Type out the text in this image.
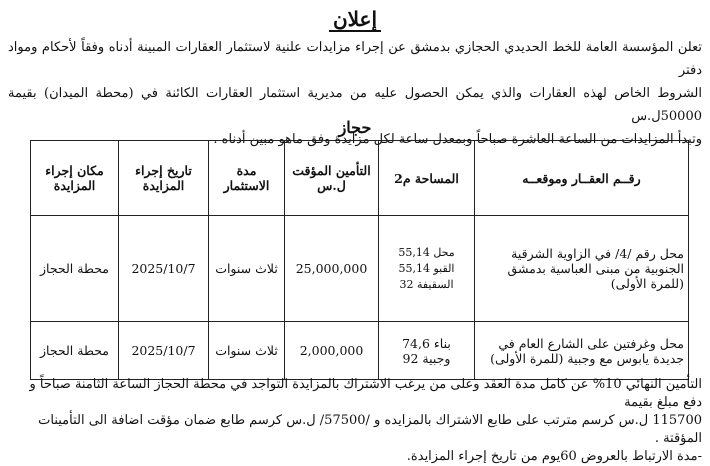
إعلان

تعلن المؤسسة العامة للخط الحديدي الحجازي بدمشق عن إجراء مزايدات علنية لاستثمار العقارات المبينة أدناه وفقاً لأحكام ومواد دفتر

الشروط الخاص لهذه العقارات والذي يمكن الحصول عليه من مديرية استثمار العقارات الكائنة في (محطة الميدان) بقيمة 50000ل.س

وتبدأ المزايدات من الساعة العاشرة صباحاً وبمعدل ساعة لكل مزايدة وفق ماهو مبين أدناه .

حجاز
رقــم العقــار وموقعــه	المساحة م2	التأمين المؤقت ل.س	مدة الاستثمار	تاريخ إجراء المزايدة	مكان إجراء المزايدة
محل رقم /4/ في الزاوية الشرقية الجنوبية من مبنى العباسية بدمشق (للمرة الأولى)	محل 55,14
القبو 55,14
السقيفة 32	25,000,000	ثلاث سنوات	2025/10/7	محطة الحجاز
محل وغرفتين على الشارع العام في جديدة يابوس مع وجبية (للمرة الأولى)	بناء 74,6
وجبية 92	2,000,000	ثلاث سنوات	2025/10/7	محطة الحجاز

التأمين النهائي 10% عن كامل مدة العقد وعلى من يرغب الاشتراك بالمزايدة التواجد في محطة الحجاز الساعة الثامنة صباحاً و دفع مبلغ بقيمة

115700 ل.س كرسم مترتب على طابع الاشتراك بالمزايده و /57500/ ل.س كرسم طابع ضمان مؤقت اضافة الى التأمينات المؤقتة .

-مدة الارتباط بالعروض 60يوم من تاريخ إجراء المزايدة.
